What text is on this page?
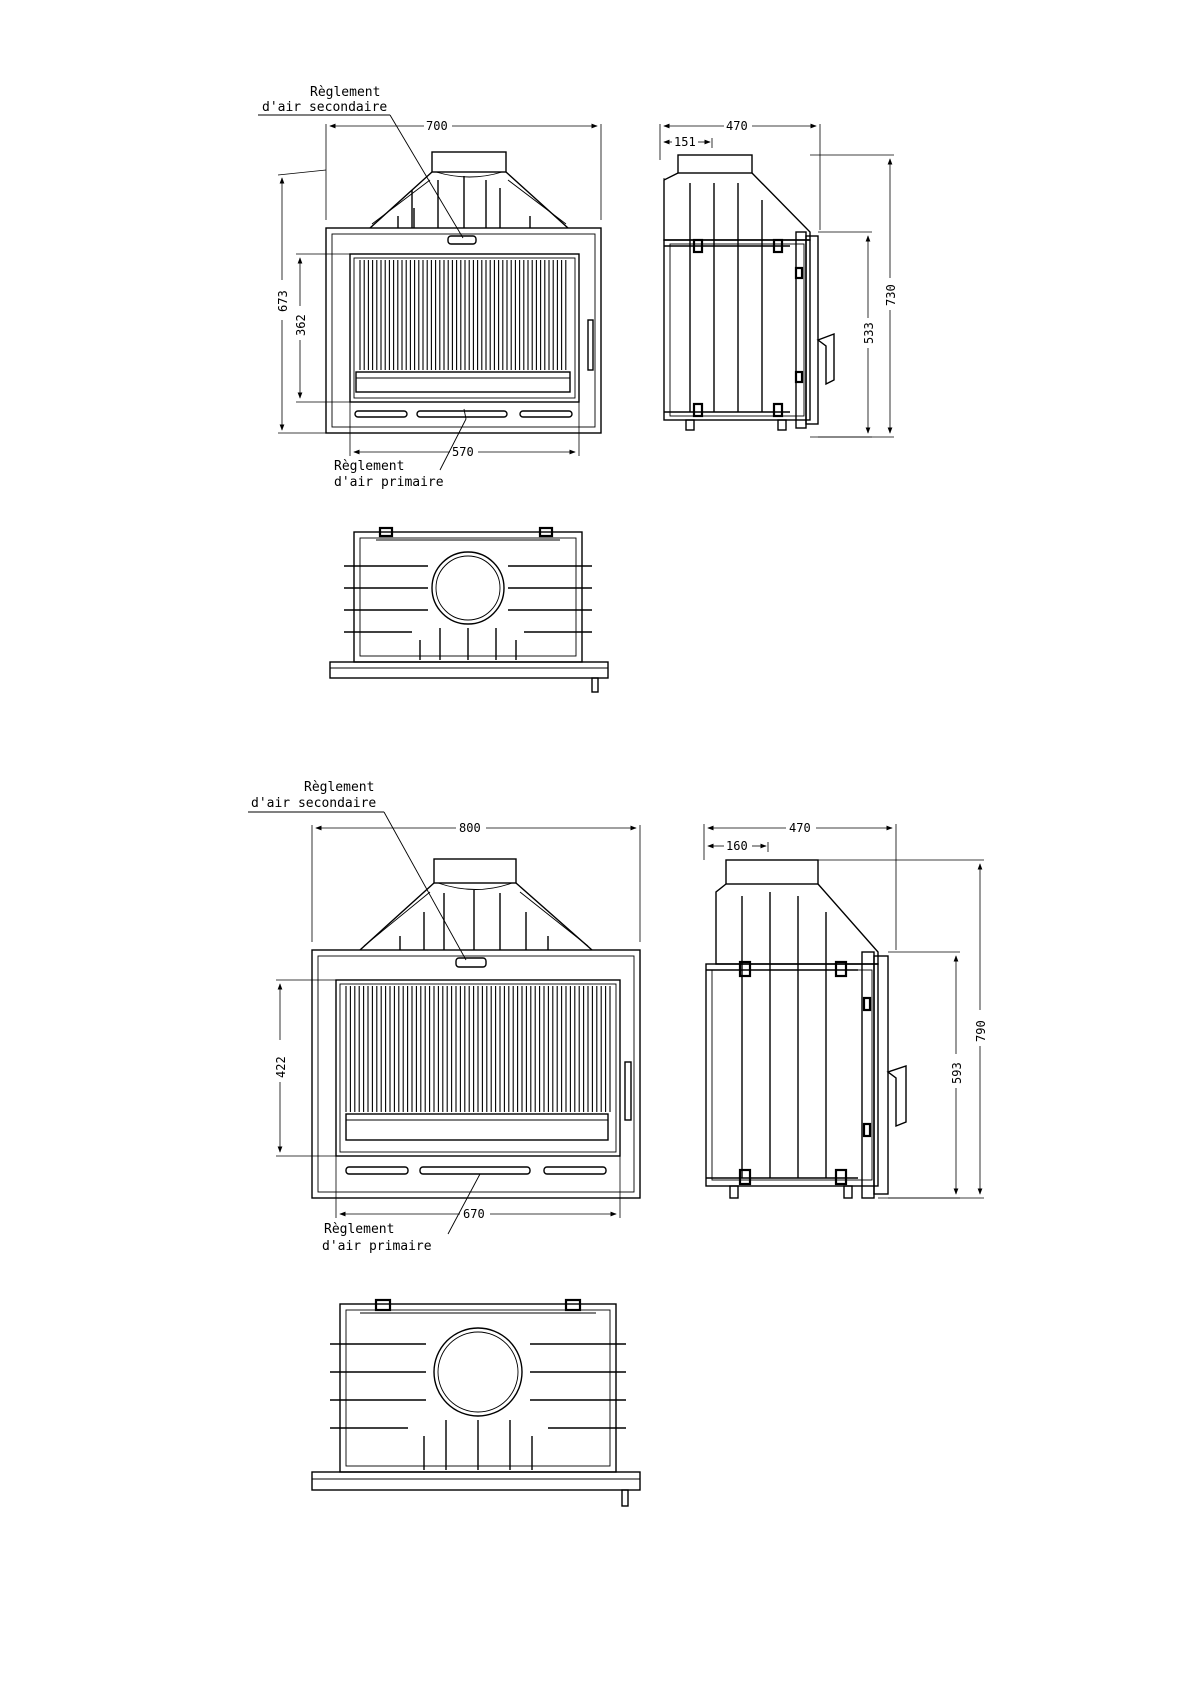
Règlement
d'air secondaire
700
673
362
570
Règlement
d'air primaire
470
151
730
533
Règlement
d'air secondaire
800
422
670
Règlement
d'air primaire
470
160
790
593
